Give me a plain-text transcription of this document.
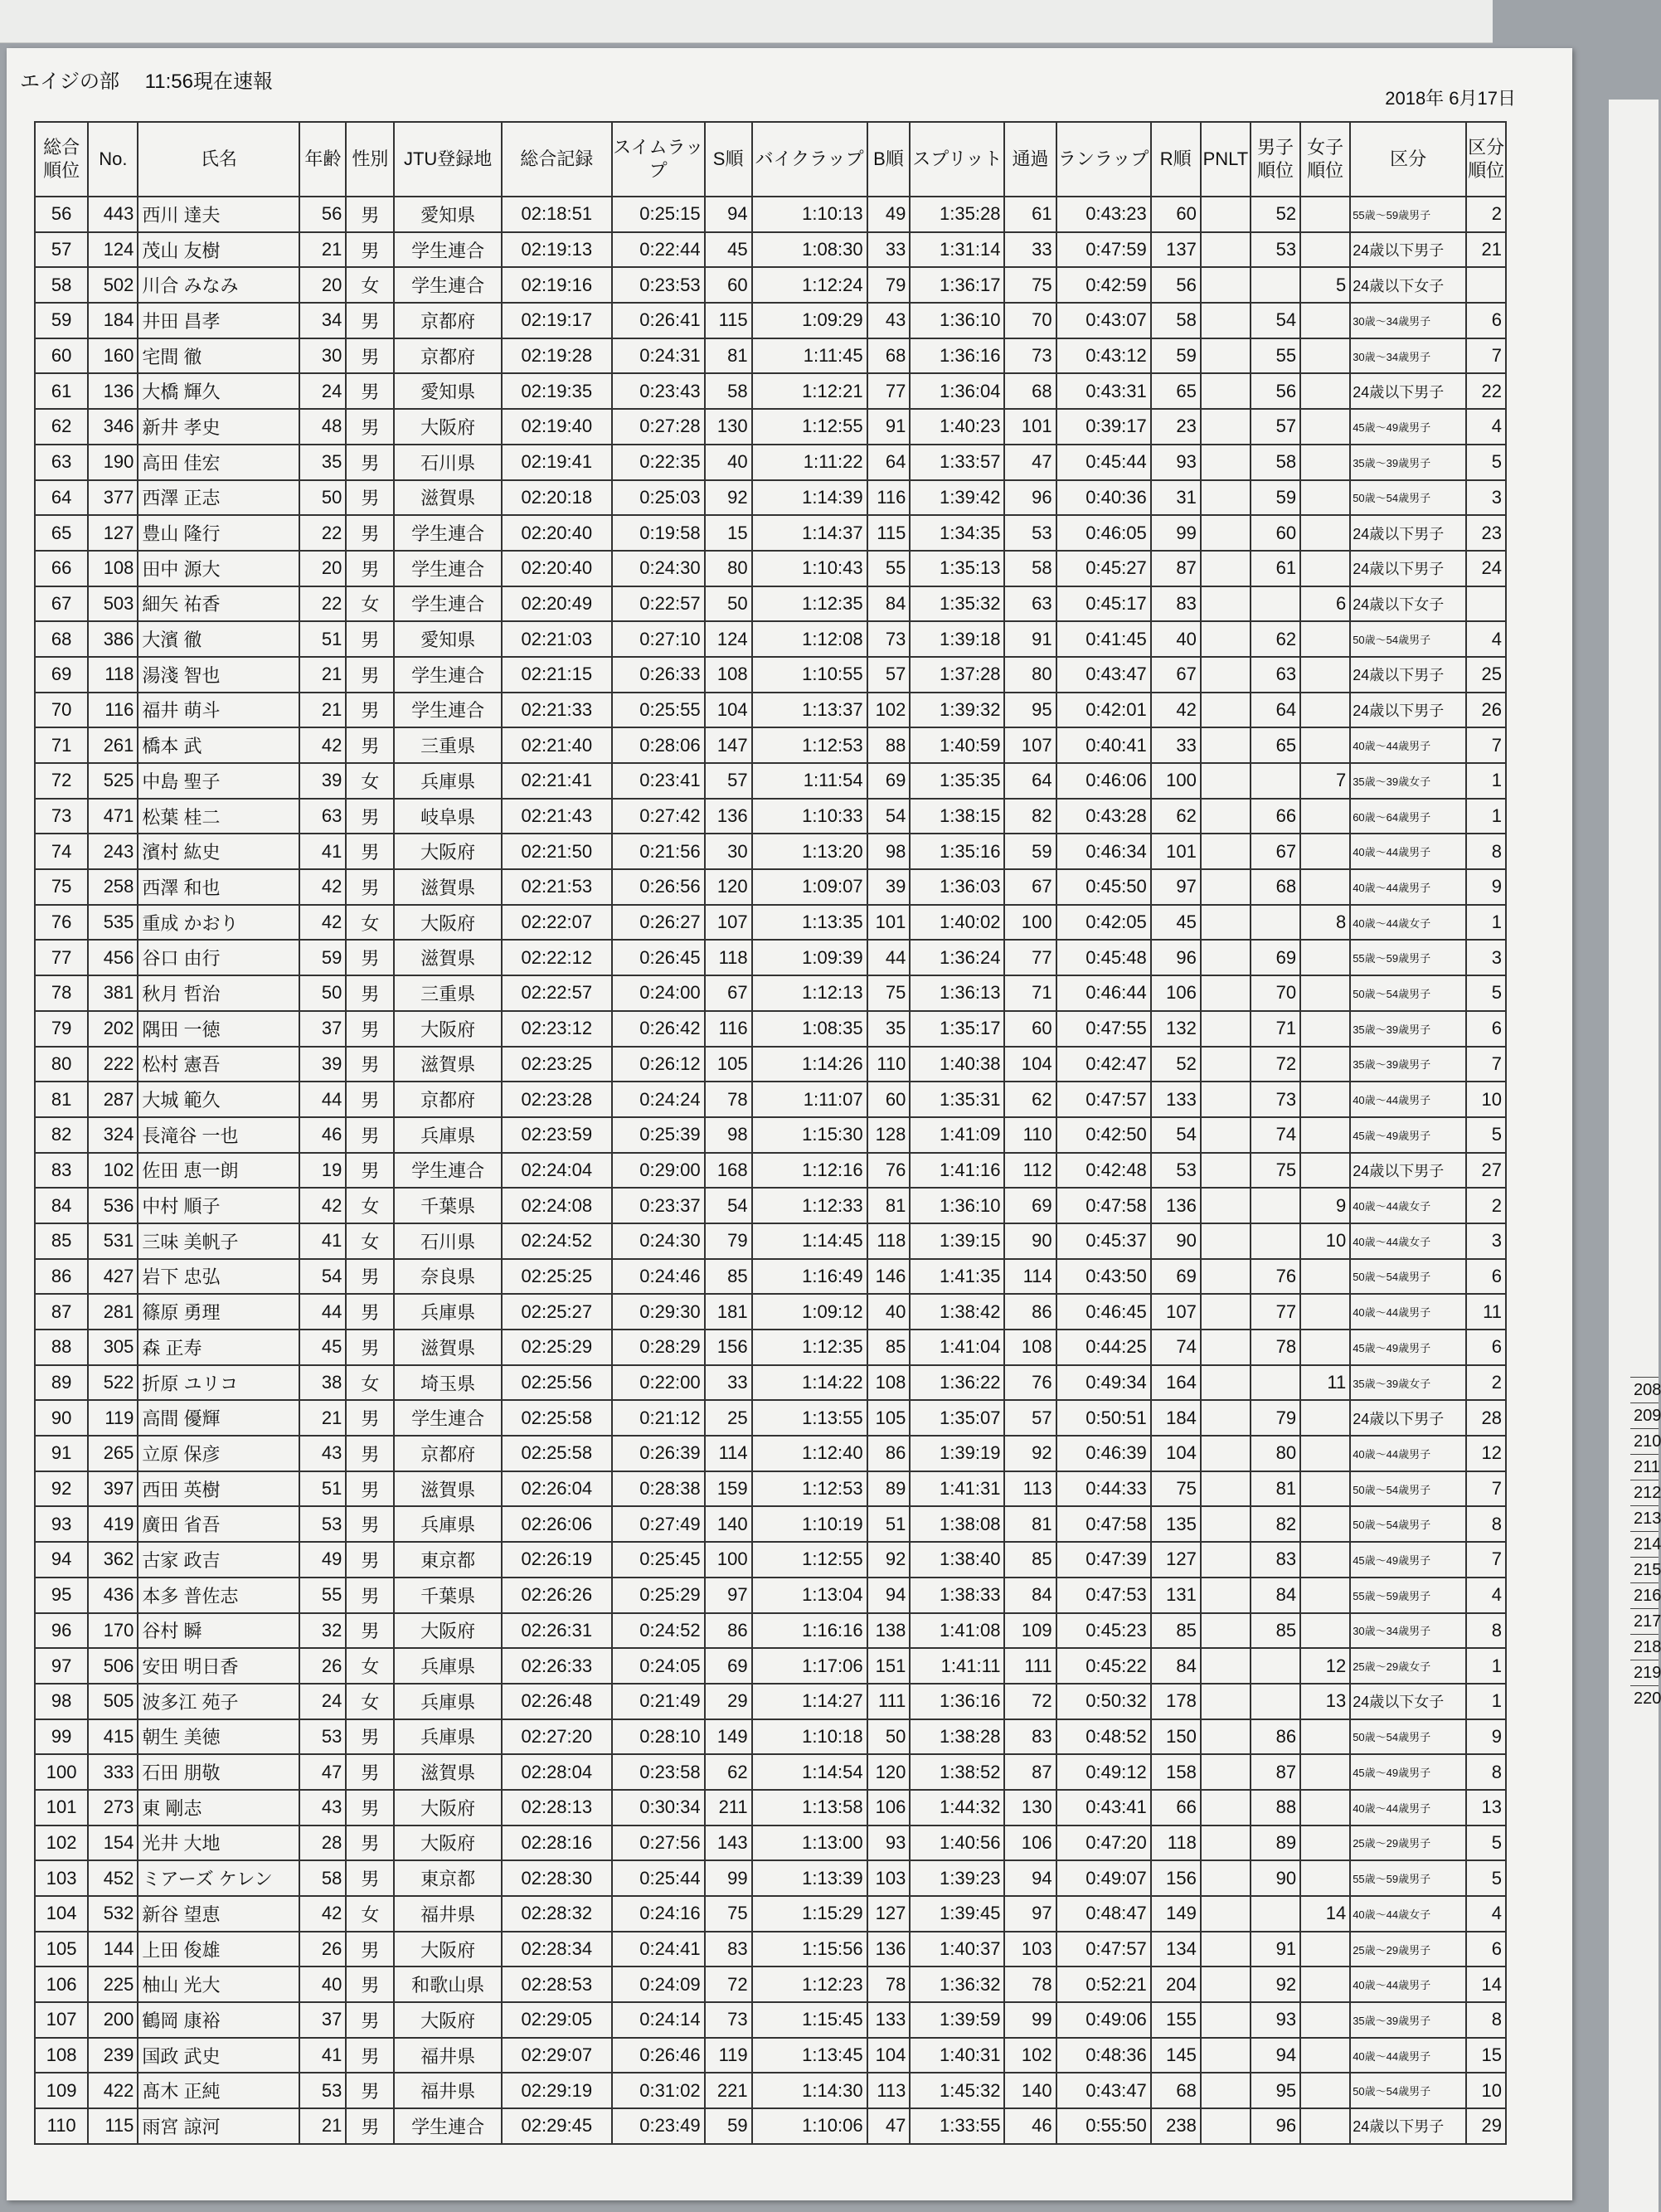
208
209
210
211
212
213
214
215
216
217
218
219
220
エイジの部　 11:56現在速報
2018年 6月17日
総合順位	No.	氏名	年齢	性別	JTU登録地	総合記録	スイムラップ	S順	バイクラップ	B順	スプリット	通過	ランラップ	R順	PNLT	男子順位	女子順位	区分	区分順位
56	443	西川 達夫	56	男	愛知県	02:18:51	0:25:15	94	1:10:13	49	1:35:28	61	0:43:23	60		52		55歳～59歳男子	2
57	124	茂山 友樹	21	男	学生連合	02:19:13	0:22:44	45	1:08:30	33	1:31:14	33	0:47:59	137		53		24歳以下男子	21
58	502	川合 みなみ	20	女	学生連合	02:19:16	0:23:53	60	1:12:24	79	1:36:17	75	0:42:59	56			5	24歳以下女子	
59	184	井田 昌孝	34	男	京都府	02:19:17	0:26:41	115	1:09:29	43	1:36:10	70	0:43:07	58		54		30歳～34歳男子	6
60	160	宅間 徹	30	男	京都府	02:19:28	0:24:31	81	1:11:45	68	1:36:16	73	0:43:12	59		55		30歳～34歳男子	7
61	136	大橋 輝久	24	男	愛知県	02:19:35	0:23:43	58	1:12:21	77	1:36:04	68	0:43:31	65		56		24歳以下男子	22
62	346	新井 孝史	48	男	大阪府	02:19:40	0:27:28	130	1:12:55	91	1:40:23	101	0:39:17	23		57		45歳～49歳男子	4
63	190	高田 佳宏	35	男	石川県	02:19:41	0:22:35	40	1:11:22	64	1:33:57	47	0:45:44	93		58		35歳～39歳男子	5
64	377	西澤 正志	50	男	滋賀県	02:20:18	0:25:03	92	1:14:39	116	1:39:42	96	0:40:36	31		59		50歳～54歳男子	3
65	127	豊山 隆行	22	男	学生連合	02:20:40	0:19:58	15	1:14:37	115	1:34:35	53	0:46:05	99		60		24歳以下男子	23
66	108	田中 源大	20	男	学生連合	02:20:40	0:24:30	80	1:10:43	55	1:35:13	58	0:45:27	87		61		24歳以下男子	24
67	503	細矢 祐香	22	女	学生連合	02:20:49	0:22:57	50	1:12:35	84	1:35:32	63	0:45:17	83			6	24歳以下女子	
68	386	大濱 徹	51	男	愛知県	02:21:03	0:27:10	124	1:12:08	73	1:39:18	91	0:41:45	40		62		50歳～54歳男子	4
69	118	湯淺 智也	21	男	学生連合	02:21:15	0:26:33	108	1:10:55	57	1:37:28	80	0:43:47	67		63		24歳以下男子	25
70	116	福井 萌斗	21	男	学生連合	02:21:33	0:25:55	104	1:13:37	102	1:39:32	95	0:42:01	42		64		24歳以下男子	26
71	261	橋本 武	42	男	三重県	02:21:40	0:28:06	147	1:12:53	88	1:40:59	107	0:40:41	33		65		40歳～44歳男子	7
72	525	中島 聖子	39	女	兵庫県	02:21:41	0:23:41	57	1:11:54	69	1:35:35	64	0:46:06	100			7	35歳～39歳女子	1
73	471	松葉 桂二	63	男	岐阜県	02:21:43	0:27:42	136	1:10:33	54	1:38:15	82	0:43:28	62		66		60歳～64歳男子	1
74	243	濱村 紘史	41	男	大阪府	02:21:50	0:21:56	30	1:13:20	98	1:35:16	59	0:46:34	101		67		40歳～44歳男子	8
75	258	西澤 和也	42	男	滋賀県	02:21:53	0:26:56	120	1:09:07	39	1:36:03	67	0:45:50	97		68		40歳～44歳男子	9
76	535	重成 かおり	42	女	大阪府	02:22:07	0:26:27	107	1:13:35	101	1:40:02	100	0:42:05	45			8	40歳～44歳女子	1
77	456	谷口 由行	59	男	滋賀県	02:22:12	0:26:45	118	1:09:39	44	1:36:24	77	0:45:48	96		69		55歳～59歳男子	3
78	381	秋月 哲治	50	男	三重県	02:22:57	0:24:00	67	1:12:13	75	1:36:13	71	0:46:44	106		70		50歳～54歳男子	5
79	202	隅田 一徳	37	男	大阪府	02:23:12	0:26:42	116	1:08:35	35	1:35:17	60	0:47:55	132		71		35歳～39歳男子	6
80	222	松村 憲吾	39	男	滋賀県	02:23:25	0:26:12	105	1:14:26	110	1:40:38	104	0:42:47	52		72		35歳～39歳男子	7
81	287	大城 範久	44	男	京都府	02:23:28	0:24:24	78	1:11:07	60	1:35:31	62	0:47:57	133		73		40歳～44歳男子	10
82	324	長滝谷 一也	46	男	兵庫県	02:23:59	0:25:39	98	1:15:30	128	1:41:09	110	0:42:50	54		74		45歳～49歳男子	5
83	102	佐田 恵一朗	19	男	学生連合	02:24:04	0:29:00	168	1:12:16	76	1:41:16	112	0:42:48	53		75		24歳以下男子	27
84	536	中村 順子	42	女	千葉県	02:24:08	0:23:37	54	1:12:33	81	1:36:10	69	0:47:58	136			9	40歳～44歳女子	2
85	531	三味 美帆子	41	女	石川県	02:24:52	0:24:30	79	1:14:45	118	1:39:15	90	0:45:37	90			10	40歳～44歳女子	3
86	427	岩下 忠弘	54	男	奈良県	02:25:25	0:24:46	85	1:16:49	146	1:41:35	114	0:43:50	69		76		50歳～54歳男子	6
87	281	篠原 勇理	44	男	兵庫県	02:25:27	0:29:30	181	1:09:12	40	1:38:42	86	0:46:45	107		77		40歳～44歳男子	11
88	305	森 正寿	45	男	滋賀県	02:25:29	0:28:29	156	1:12:35	85	1:41:04	108	0:44:25	74		78		45歳～49歳男子	6
89	522	折原 ユリコ	38	女	埼玉県	02:25:56	0:22:00	33	1:14:22	108	1:36:22	76	0:49:34	164			11	35歳～39歳女子	2
90	119	高間 優輝	21	男	学生連合	02:25:58	0:21:12	25	1:13:55	105	1:35:07	57	0:50:51	184		79		24歳以下男子	28
91	265	立原 保彦	43	男	京都府	02:25:58	0:26:39	114	1:12:40	86	1:39:19	92	0:46:39	104		80		40歳～44歳男子	12
92	397	西田 英樹	51	男	滋賀県	02:26:04	0:28:38	159	1:12:53	89	1:41:31	113	0:44:33	75		81		50歳～54歳男子	7
93	419	廣田 省吾	53	男	兵庫県	02:26:06	0:27:49	140	1:10:19	51	1:38:08	81	0:47:58	135		82		50歳～54歳男子	8
94	362	古家 政吉	49	男	東京都	02:26:19	0:25:45	100	1:12:55	92	1:38:40	85	0:47:39	127		83		45歳～49歳男子	7
95	436	本多 普佐志	55	男	千葉県	02:26:26	0:25:29	97	1:13:04	94	1:38:33	84	0:47:53	131		84		55歳～59歳男子	4
96	170	谷村 瞬	32	男	大阪府	02:26:31	0:24:52	86	1:16:16	138	1:41:08	109	0:45:23	85		85		30歳～34歳男子	8
97	506	安田 明日香	26	女	兵庫県	02:26:33	0:24:05	69	1:17:06	151	1:41:11	111	0:45:22	84			12	25歳～29歳女子	1
98	505	波多江 苑子	24	女	兵庫県	02:26:48	0:21:49	29	1:14:27	111	1:36:16	72	0:50:32	178			13	24歳以下女子	1
99	415	朝生 美徳	53	男	兵庫県	02:27:20	0:28:10	149	1:10:18	50	1:38:28	83	0:48:52	150		86		50歳～54歳男子	9
100	333	石田 朋敬	47	男	滋賀県	02:28:04	0:23:58	62	1:14:54	120	1:38:52	87	0:49:12	158		87		45歳～49歳男子	8
101	273	東 剛志	43	男	大阪府	02:28:13	0:30:34	211	1:13:58	106	1:44:32	130	0:43:41	66		88		40歳～44歳男子	13
102	154	光井 大地	28	男	大阪府	02:28:16	0:27:56	143	1:13:00	93	1:40:56	106	0:47:20	118		89		25歳～29歳男子	5
103	452	ミアーズ ケレン	58	男	東京都	02:28:30	0:25:44	99	1:13:39	103	1:39:23	94	0:49:07	156		90		55歳～59歳男子	5
104	532	新谷 望恵	42	女	福井県	02:28:32	0:24:16	75	1:15:29	127	1:39:45	97	0:48:47	149			14	40歳～44歳女子	4
105	144	上田 俊雄	26	男	大阪府	02:28:34	0:24:41	83	1:15:56	136	1:40:37	103	0:47:57	134		91		25歳～29歳男子	6
106	225	柚山 光大	40	男	和歌山県	02:28:53	0:24:09	72	1:12:23	78	1:36:32	78	0:52:21	204		92		40歳～44歳男子	14
107	200	鶴岡 康裕	37	男	大阪府	02:29:05	0:24:14	73	1:15:45	133	1:39:59	99	0:49:06	155		93		35歳～39歳男子	8
108	239	国政 武史	41	男	福井県	02:29:07	0:26:46	119	1:13:45	104	1:40:31	102	0:48:36	145		94		40歳～44歳男子	15
109	422	髙木 正純	53	男	福井県	02:29:19	0:31:02	221	1:14:30	113	1:45:32	140	0:43:47	68		95		50歳～54歳男子	10
110	115	雨宮 諒河	21	男	学生連合	02:29:45	0:23:49	59	1:10:06	47	1:33:55	46	0:55:50	238		96		24歳以下男子	29
